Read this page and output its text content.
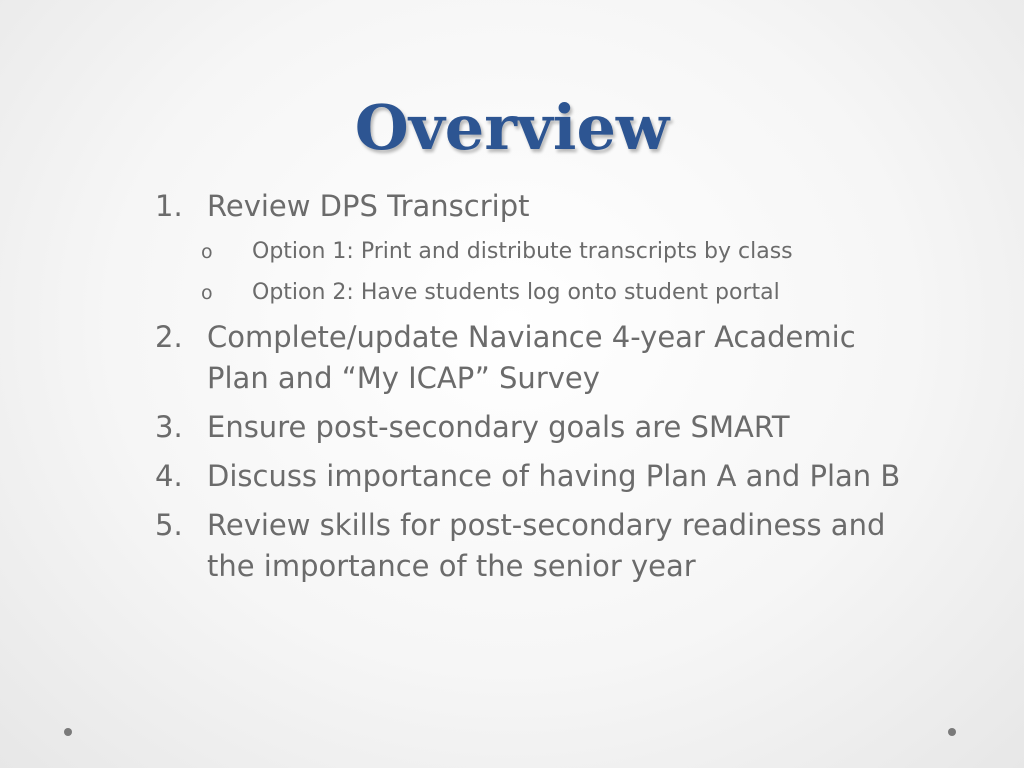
Overview
1. Review DPS Transcript
o Option 1: Print and distribute transcripts by class
o Option 2: Have students log onto student portal
2. Complete/update Naviance 4-year Academic Plan and “My ICAP” Survey
3. Ensure post-secondary goals are SMART
4. Discuss importance of having Plan A and Plan B
5. Review skills for post-secondary readiness and the importance of the senior year
